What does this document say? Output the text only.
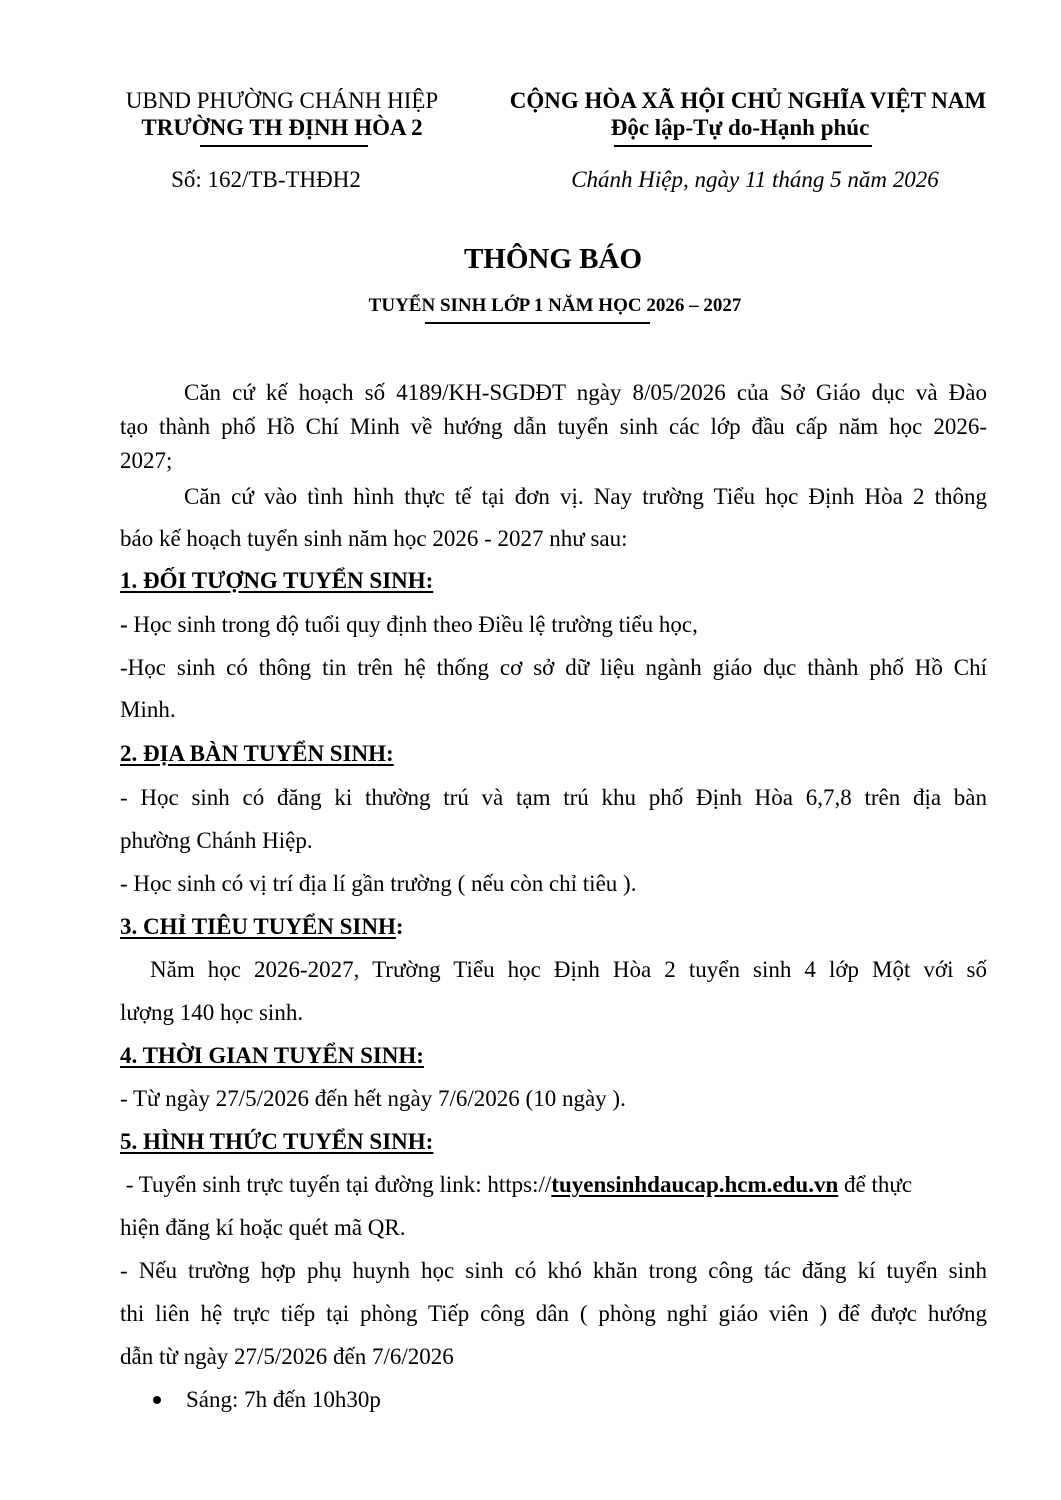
UBND PHƯỜNG CHÁNH HIỆP
TRƯỜNG TH ĐỊNH HÒA 2
CỘNG HÒA XÃ HỘI CHỦ NGHĨA VIỆT NAM
Độc lập-Tự do-Hạnh phúc
Số: 162/TB-THĐH2	Chánh Hiệp, ngày 11 tháng 5 năm 2026
THÔNG BÁO
TUYỂN SINH LỚP 1 NĂM HỌC 2026 – 2027
Căn cứ kế hoạch số 4189/KH-SGDĐT ngày 8/05/2026 của Sở Giáo dục và Đào
tạo thành phố Hồ Chí Minh về hướng dẫn tuyển sinh các lớp đầu cấp năm học 2026-
2027;
Căn cứ vào tình hình thực tế tại đơn vị. Nay trường Tiểu học Định Hòa 2 thông
báo kế hoạch tuyển sinh năm học 2026 - 2027 như sau:
1. ĐỐI TƯỢNG TUYỂN SINH:
- Học sinh trong độ tuổi quy định theo Điều lệ trường tiểu học,
-Học sinh có thông tin trên hệ thống cơ sở dữ liệu ngành giáo dục thành phố Hồ Chí
Minh.
2. ĐỊA BÀN TUYỂN SINH:
- Học sinh có đăng ki thường trú và tạm trú khu phố Định Hòa 6,7,8 trên địa bàn
phường Chánh Hiệp.
- Học sinh có vị trí địa lí gần trường ( nếu còn chỉ tiêu ).
3. CHỈ TIÊU TUYỂN SINH:
Năm học 2026-2027, Trường Tiểu học Định Hòa 2 tuyển sinh 4 lớp Một với số
lượng 140 học sinh.
4. THỜI GIAN TUYỂN SINH:
- Từ ngày 27/5/2026 đến hết ngày 7/6/2026 (10 ngày ).
5. HÌNH THỨC TUYỂN SINH:
- Tuyển sinh trực tuyến tại đường link: https://tuyensinhdaucap.hcm.edu.vn để thực
hiện đăng kí hoặc quét mã QR.
- Nếu trường hợp phụ huynh học sinh có khó khăn trong công tác đăng kí tuyển sinh
thi liên hệ trực tiếp tại phòng Tiếp công dân ( phòng nghỉ giáo viên ) để được hướng
dẫn từ ngày 27/5/2026 đến 7/6/2026
Sáng: 7h đến 10h30p
